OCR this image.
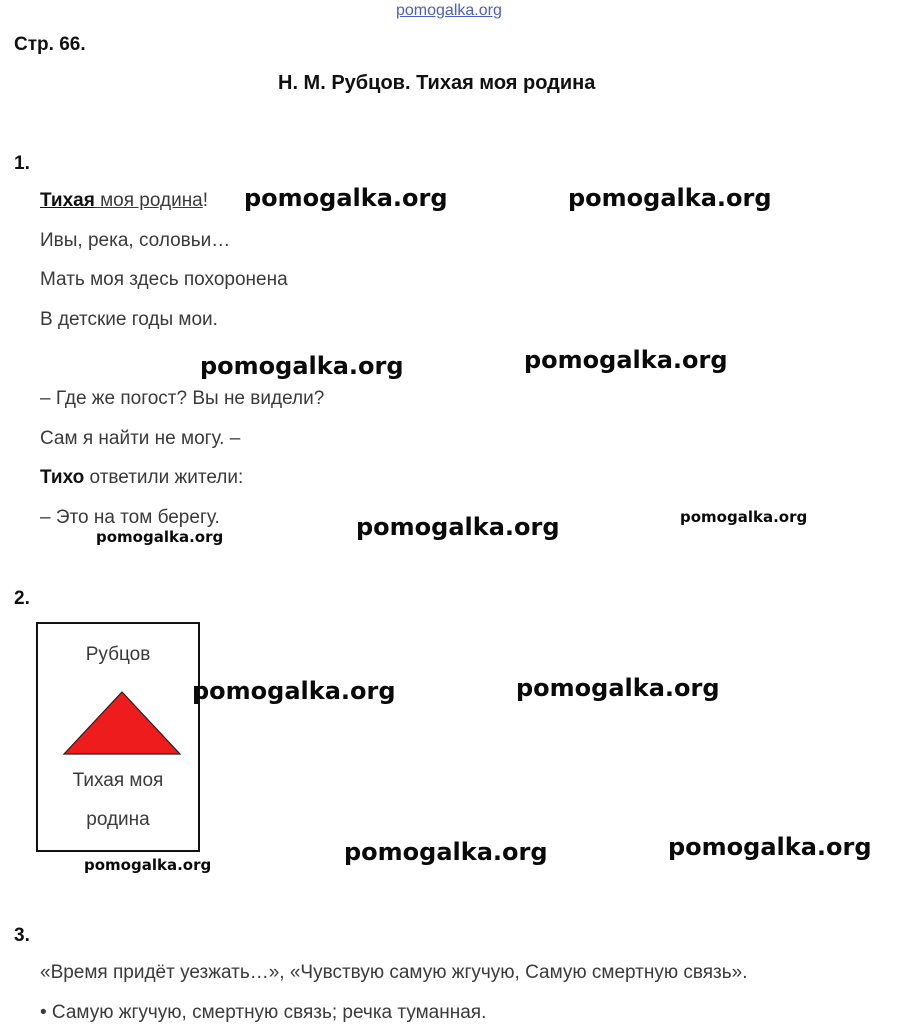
pomogalka.org
Стр. 66.
Н. М. Рубцов. Тихая моя родина
1.
Тихая моя родина!
Ивы, река, соловьи…
Мать моя здесь похоронена
В детские годы мои.
– Где же погост? Вы не видели?
Сам я найти не могу. –
Тихо ответили жители:
– Это на том берегу.
2.
Рубцов
Тихая моя
родина
3.
«Время придёт уезжать…», «Чувствую самую жгучую, Самую смертную связь».
• Самую жгучую, смертную связь; речка туманная.
pomogalka.org	pomogalka.org
pomogalka.org	pomogalka.org
pomogalka.org	pomogalka.org
pomogalka.org
pomogalka.org	pomogalka.org
pomogalka.org	pomogalka.org	pomogalka.org
